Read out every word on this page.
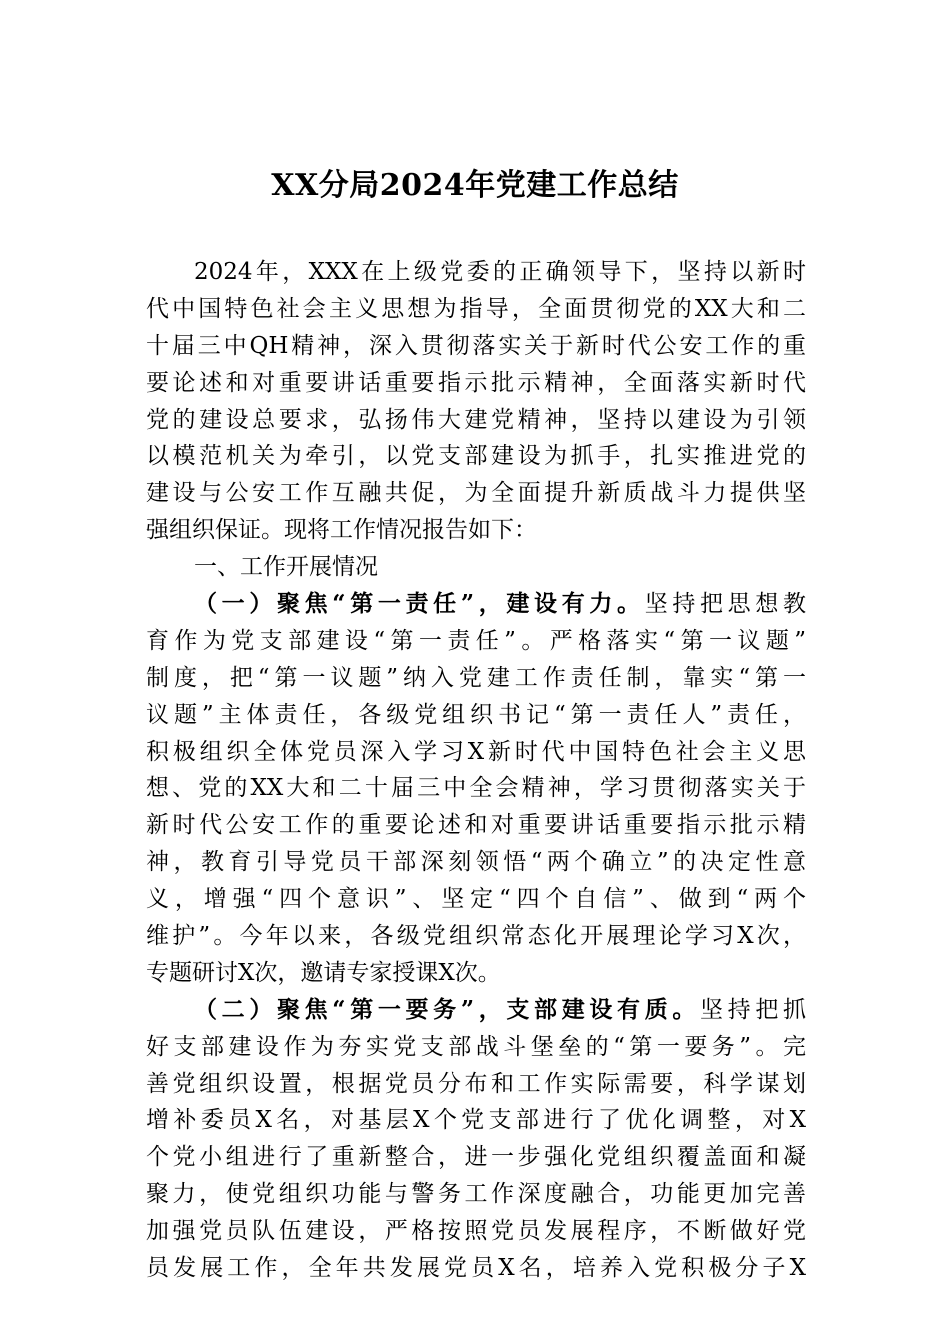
XX分局2024年党建工作总结
2024年，XXX在上级党委的正确领导下，坚持以新时
代中国特色社会主义思想为指导，全面贯彻党的XX大和二
十届三中QH精神，深入贯彻落实关于新时代公安工作的重
要论述和对重要讲话重要指示批示精神，全面落实新时代
党的建设总要求，弘扬伟大建党精神，坚持以建设为引领
以模范机关为牵引，以党支部建设为抓手，扎实推进党的
建设与公安工作互融共促，为全面提升新质战斗力提供坚
强组织保证。现将工作情况报告如下：
一、工作开展情况
（一）聚焦“第一责任”，建设有力。坚持把思想教
育作为党支部建设“第一责任”。严格落实“第一议题”
制度，把“第一议题”纳入党建工作责任制，靠实“第一
议题”主体责任，各级党组织书记“第一责任人”责任，
积极组织全体党员深入学习X新时代中国特色社会主义思
想、党的XX大和二十届三中全会精神，学习贯彻落实关于
新时代公安工作的重要论述和对重要讲话重要指示批示精
神，教育引导党员干部深刻领悟“两个确立”的决定性意
义，增强“四个意识”、坚定“四个自信”、做到“两个
维护”。今年以来，各级党组织常态化开展理论学习X次，
专题研讨X次，邀请专家授课X次。
（二）聚焦“第一要务”，支部建设有质。坚持把抓
好支部建设作为夯实党支部战斗堡垒的“第一要务”。完
善党组织设置，根据党员分布和工作实际需要，科学谋划
增补委员X名，对基层X个党支部进行了优化调整，对X
个党小组进行了重新整合，进一步强化党组织覆盖面和凝
聚力，使党组织功能与警务工作深度融合，功能更加完善
加强党员队伍建设，严格按照党员发展程序，不断做好党
员发展工作，全年共发展党员X名，培养入党积极分子X
